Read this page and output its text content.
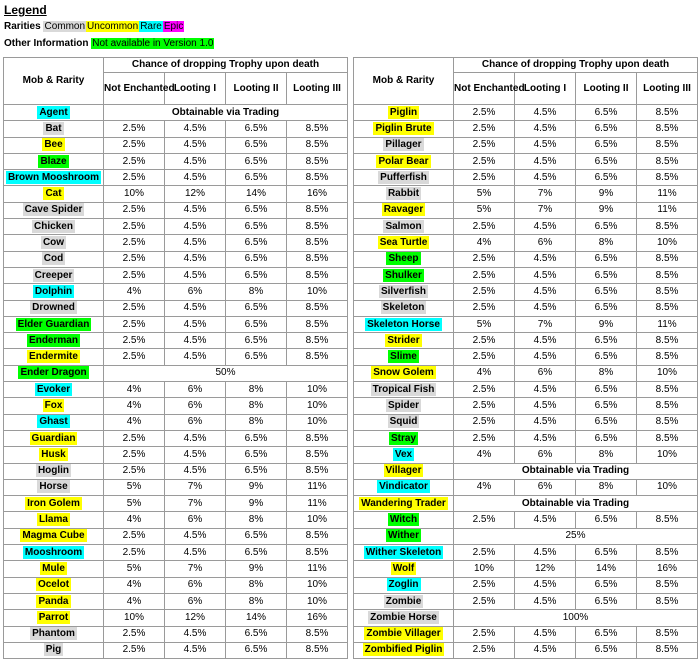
Legend
Rarities Common Uncommon Rare Epic
Other Information Not available in Version 1.0
Mob & Rarity	Chance of dropping Trophy upon death			
	Not Enchanted	Looting I	Looting II	Looting III
Agent	Obtainable via Trading			
Bat	2.5%	4.5%	6.5%	8.5%
Bee	2.5%	4.5%	6.5%	8.5%
Blaze	2.5%	4.5%	6.5%	8.5%
Brown Mooshroom	2.5%	4.5%	6.5%	8.5%
Cat	10%	12%	14%	16%
Cave Spider	2.5%	4.5%	6.5%	8.5%
Chicken	2.5%	4.5%	6.5%	8.5%
Cow	2.5%	4.5%	6.5%	8.5%
Cod	2.5%	4.5%	6.5%	8.5%
Creeper	2.5%	4.5%	6.5%	8.5%
Dolphin	4%	6%	8%	10%
Drowned	2.5%	4.5%	6.5%	8.5%
Elder Guardian	2.5%	4.5%	6.5%	8.5%
Enderman	2.5%	4.5%	6.5%	8.5%
Endermite	2.5%	4.5%	6.5%	8.5%
Ender Dragon	50%			
Evoker	4%	6%	8%	10%
Fox	4%	6%	8%	10%
Ghast	4%	6%	8%	10%
Guardian	2.5%	4.5%	6.5%	8.5%
Husk	2.5%	4.5%	6.5%	8.5%
Hoglin	2.5%	4.5%	6.5%	8.5%
Horse	5%	7%	9%	11%
Iron Golem	5%	7%	9%	11%
Llama	4%	6%	8%	10%
Magma Cube	2.5%	4.5%	6.5%	8.5%
Mooshroom	2.5%	4.5%	6.5%	8.5%
Mule	5%	7%	9%	11%
Ocelot	4%	6%	8%	10%
Panda	4%	6%	8%	10%
Parrot	10%	12%	14%	16%
Phantom	2.5%	4.5%	6.5%	8.5%
Pig	2.5%	4.5%	6.5%	8.5%
Mob & Rarity	Chance of dropping Trophy upon death			
	Not Enchanted	Looting I	Looting II	Looting III
Piglin	2.5%	4.5%	6.5%	8.5%
Piglin Brute	2.5%	4.5%	6.5%	8.5%
Pillager	2.5%	4.5%	6.5%	8.5%
Polar Bear	2.5%	4.5%	6.5%	8.5%
Pufferfish	2.5%	4.5%	6.5%	8.5%
Rabbit	5%	7%	9%	11%
Ravager	5%	7%	9%	11%
Salmon	2.5%	4.5%	6.5%	8.5%
Sea Turtle	4%	6%	8%	10%
Sheep	2.5%	4.5%	6.5%	8.5%
Shulker	2.5%	4.5%	6.5%	8.5%
Silverfish	2.5%	4.5%	6.5%	8.5%
Skeleton	2.5%	4.5%	6.5%	8.5%
Skeleton Horse	5%	7%	9%	11%
Strider	2.5%	4.5%	6.5%	8.5%
Slime	2.5%	4.5%	6.5%	8.5%
Snow Golem	4%	6%	8%	10%
Tropical Fish	2.5%	4.5%	6.5%	8.5%
Spider	2.5%	4.5%	6.5%	8.5%
Squid	2.5%	4.5%	6.5%	8.5%
Stray	2.5%	4.5%	6.5%	8.5%
Vex	4%	6%	8%	10%
Villager	Obtainable via Trading			
Vindicator	4%	6%	8%	10%
Wandering Trader	Obtainable via Trading			
Witch	2.5%	4.5%	6.5%	8.5%
Wither	25%			
Wither Skeleton	2.5%	4.5%	6.5%	8.5%
Wolf	10%	12%	14%	16%
Zoglin	2.5%	4.5%	6.5%	8.5%
Zombie	2.5%	4.5%	6.5%	8.5%
Zombie Horse	100%			
Zombie Villager	2.5%	4.5%	6.5%	8.5%
Zombified Piglin	2.5%	4.5%	6.5%	8.5%
